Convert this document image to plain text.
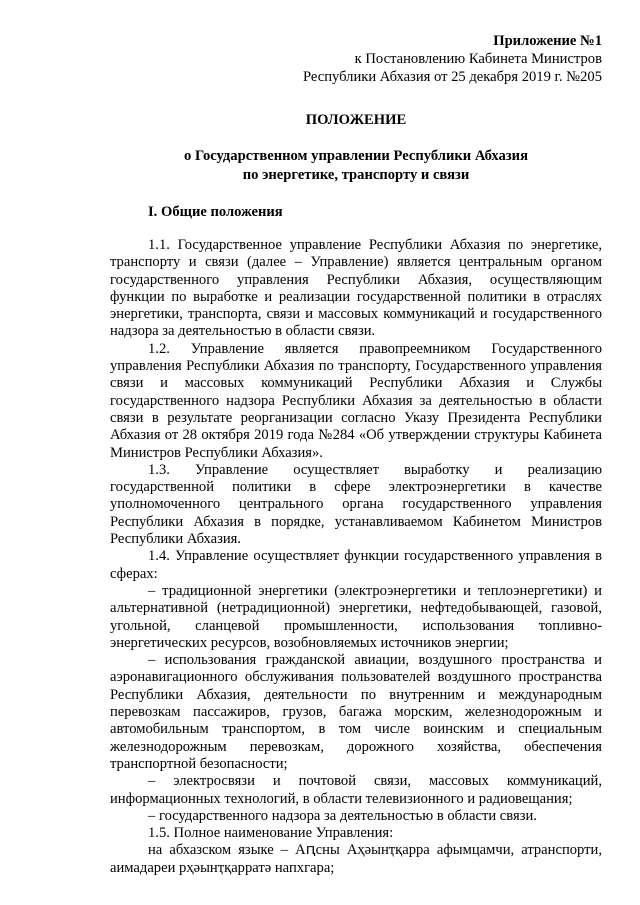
Приложение №1
к Постановлению Кабинета Министров
Республики Абхазия от 25 декабря 2019 г. №205
ПОЛОЖЕНИЕ
о Государственном управлении Республики Абхазия
по энергетике, транспорту и связи
I. Общие положения

1.1. Государственное управление Республики Абхазия по энергетике, транспорту и связи (далее – Управление) является центральным органом государственного управления Республики Абхазия, осуществляющим функции по выработке и реализации государственной политики в отраслях энергетики, транспорта, связи и массовых коммуникаций и государственного надзора за деятельностью в области связи.

1.2. Управление является правопреемником Государственного управления Республики Абхазия по транспорту, Государственного управления связи и массовых коммуникаций Республики Абхазия и Службы государственного надзора Республики Абхазия за деятельностью в области связи в результате реорганизации согласно Указу Президента Республики Абхазия от 28 октября 2019 года №284 «Об утверждении структуры Кабинета Министров Республики Абхазия».

1.3. Управление осуществляет выработку и реализацию государственной политики в сфере электроэнергетики в качестве уполномоченного центрального органа государственного управления Республики Абхазия в порядке, устанавливаемом Кабинетом Министров Республики Абхазия.

1.4. Управление осуществляет функции государственного управления в сферах:

– традиционной энергетики (электроэнергетики и теплоэнергетики) и альтернативной (нетрадиционной) энергетики, нефтедобывающей, газовой, угольной, сланцевой промышленности, использования топливно-энергетических ресурсов, возобновляемых источников энергии;

– использования гражданской авиации, воздушного пространства и аэронавигационного обслуживания пользователей воздушного пространства Республики Абхазия, деятельности по внутренним и международным перевозкам пассажиров, грузов, багажа морским, железнодорожным и автомобильным транспортом, в том числе воинским и специальным железнодорожным перевозкам, дорожного хозяйства, обеспечения транспортной безопасности;

– электросвязи и почтовой связи, массовых коммуникаций, информационных технологий, в области телевизионного и радиовещания;

– государственного надзора за деятельностью в области связи.

1.5. Полное наименование Управления:

на абхазском языке – Аԥсны Аҳәынҭқарра афымцамчи, атранспорти, аимадареи рҳәынҭқарратә напхгара;
